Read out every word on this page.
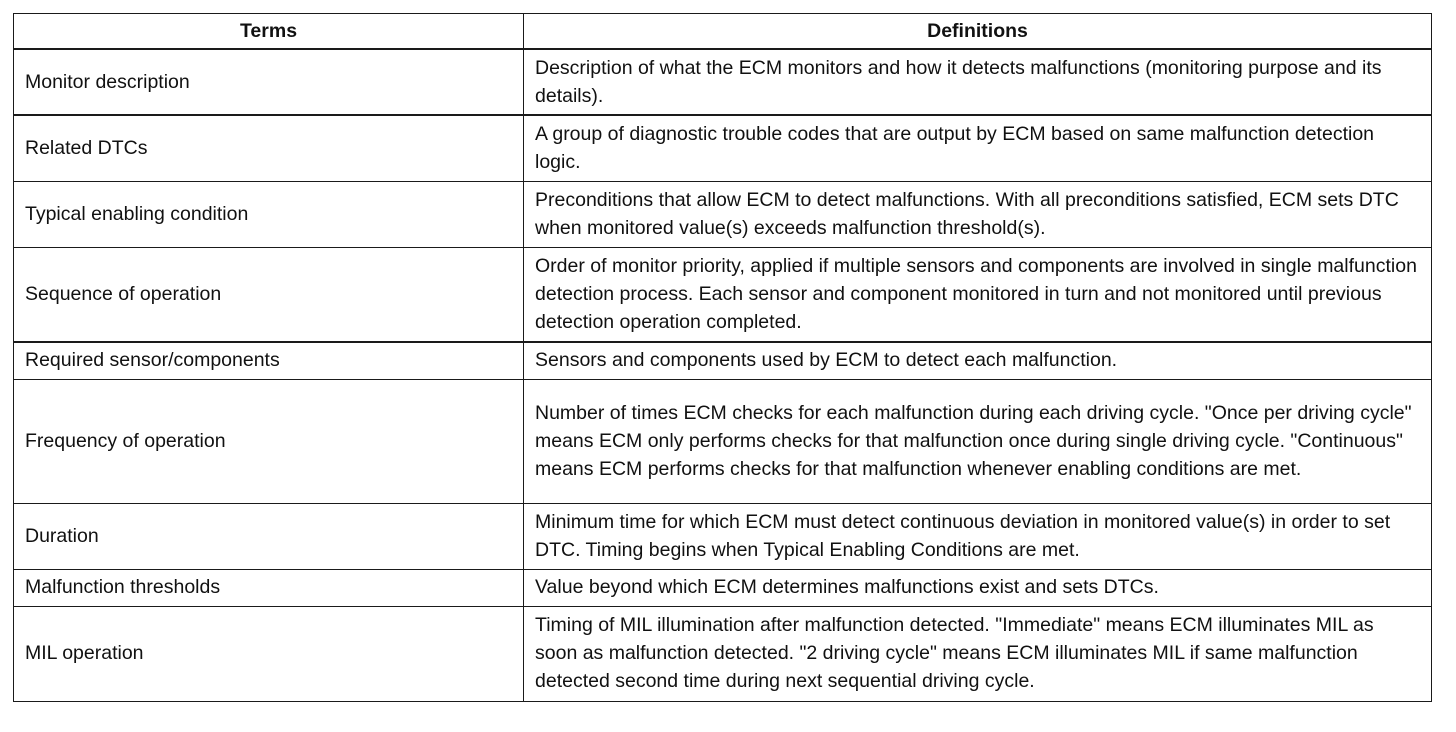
Terms	Definitions
Monitor description	Description of what the ECM monitors and how it detects malfunctions (monitoring purpose and its details).
Related DTCs	A group of diagnostic trouble codes that are output by ECM based on same malfunction detection logic.
Typical enabling condition	Preconditions that allow ECM to detect malfunctions. With all preconditions satisfied, ECM sets DTC when monitored value(s) exceeds malfunction threshold(s).
Sequence of operation	Order of monitor priority, applied if multiple sensors and components are involved in single malfunction detection process. Each sensor and component monitored in turn and not monitored until previous detection operation completed.
Required sensor/components	Sensors and components used by ECM to detect each malfunction.
Frequency of operation	Number of times ECM checks for each malfunction during each driving cycle. "Once per driving cycle" means ECM only performs checks for that malfunction once during single driving cycle. "Continuous" means ECM performs checks for that malfunction whenever enabling conditions are met.
Duration	Minimum time for which ECM must detect continuous deviation in monitored value(s) in order to set DTC. Timing begins when Typical Enabling Conditions are met.
Malfunction thresholds	Value beyond which ECM determines malfunctions exist and sets DTCs.
MIL operation	Timing of MIL illumination after malfunction detected. "Immediate" means ECM illuminates MIL as soon as malfunction detected. "2 driving cycle" means ECM illuminates MIL if same malfunction detected second time during next sequential driving cycle.
